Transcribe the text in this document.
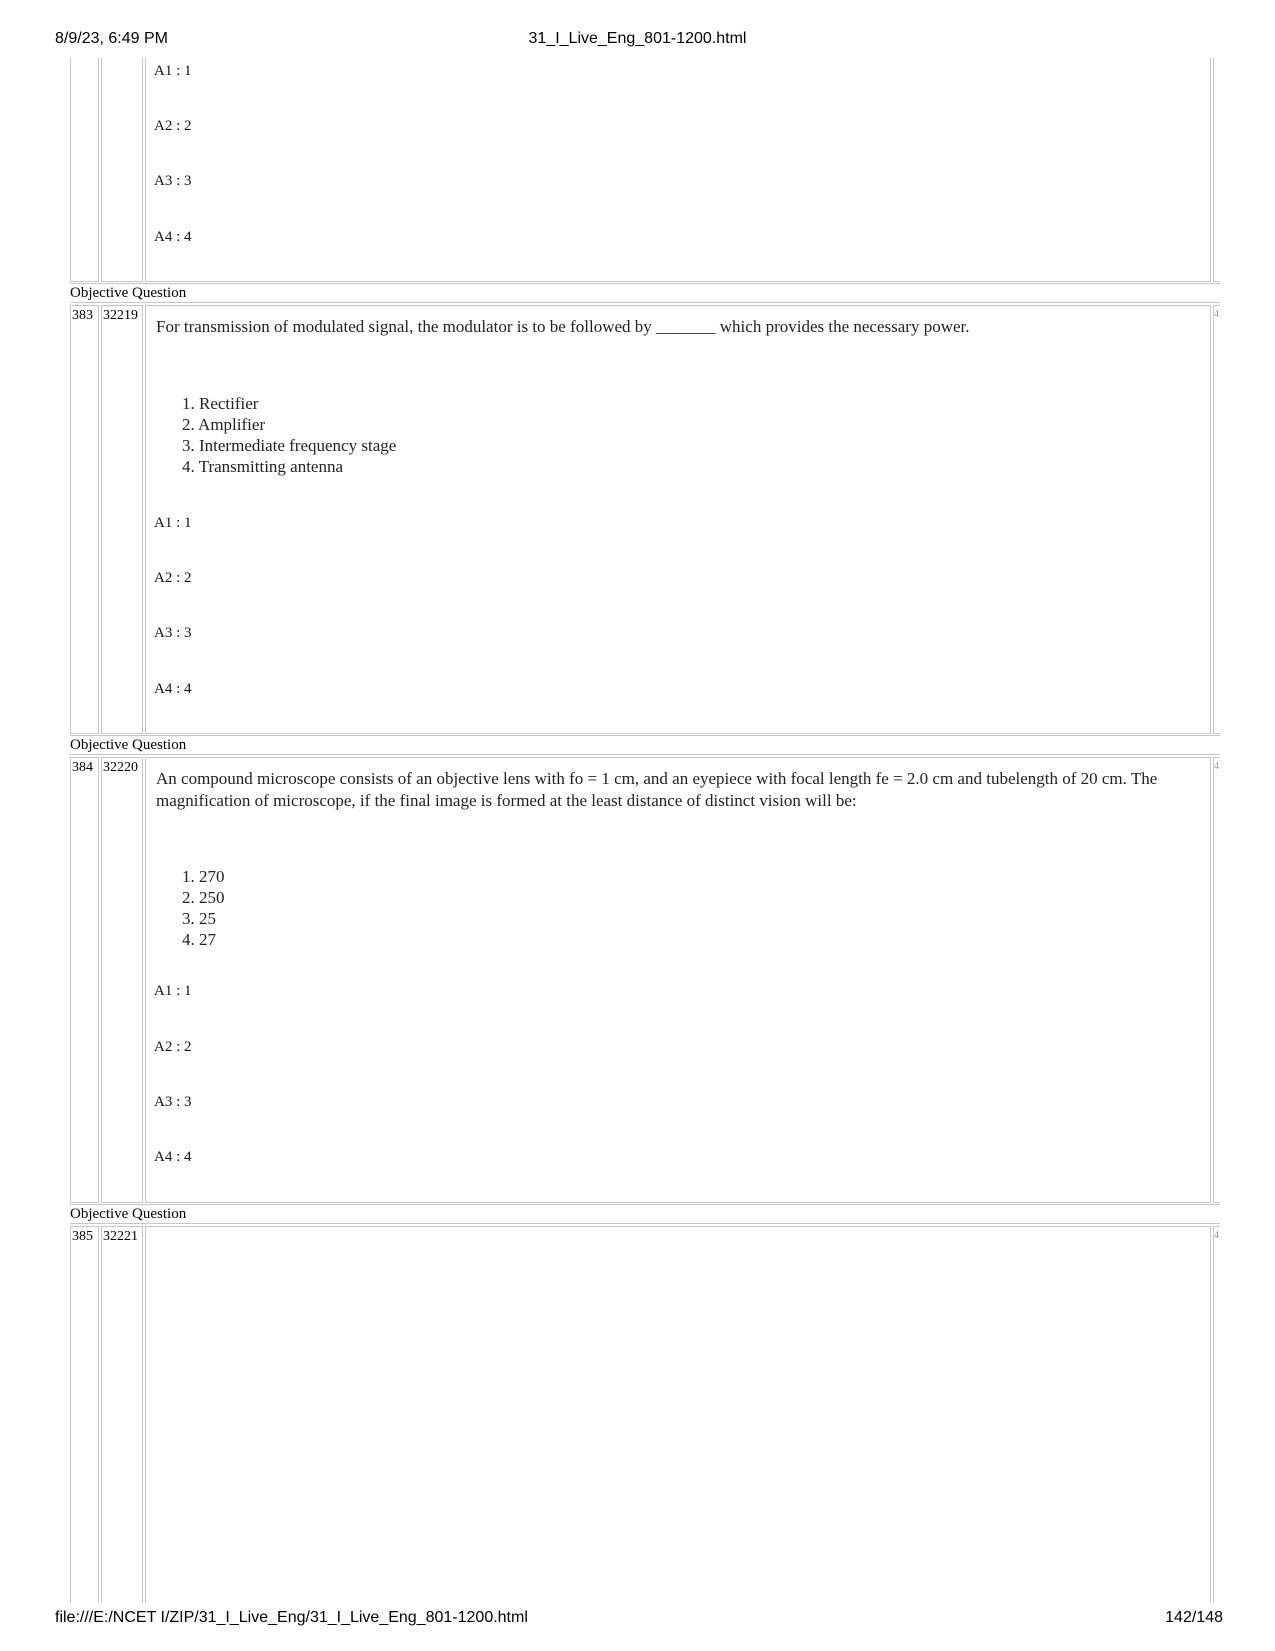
8/9/23, 6:49 PM	31_I_Live_Eng_801-1200.html
A1 : 1
A2 : 2
A3 : 3
A4 : 4
Objective Question
383 32219
For transmission of modulated signal, the modulator is to be followed by _______ which provides the necessary power.
1. Rectifier
2. Amplifier
3. Intermediate frequency stage
4. Transmitting antenna
A1 : 1
A2 : 2
A3 : 3
A4 : 4
4
Objective Question
384 32220
An compound microscope consists of an objective lens with fo = 1 cm, and an eyepiece with focal length fe = 2.0 cm and tubelength of 20 cm. The magnification of microscope, if the final image is formed at the least distance of distinct vision will be:
1. 270
2. 250
3. 25
4. 27
A1 : 1
A2 : 2
A3 : 3
A4 : 4
4
Objective Question
385 32221	4
file:///E:/NCET I/ZIP/31_I_Live_Eng/31_I_Live_Eng_801-1200.html	142/148
